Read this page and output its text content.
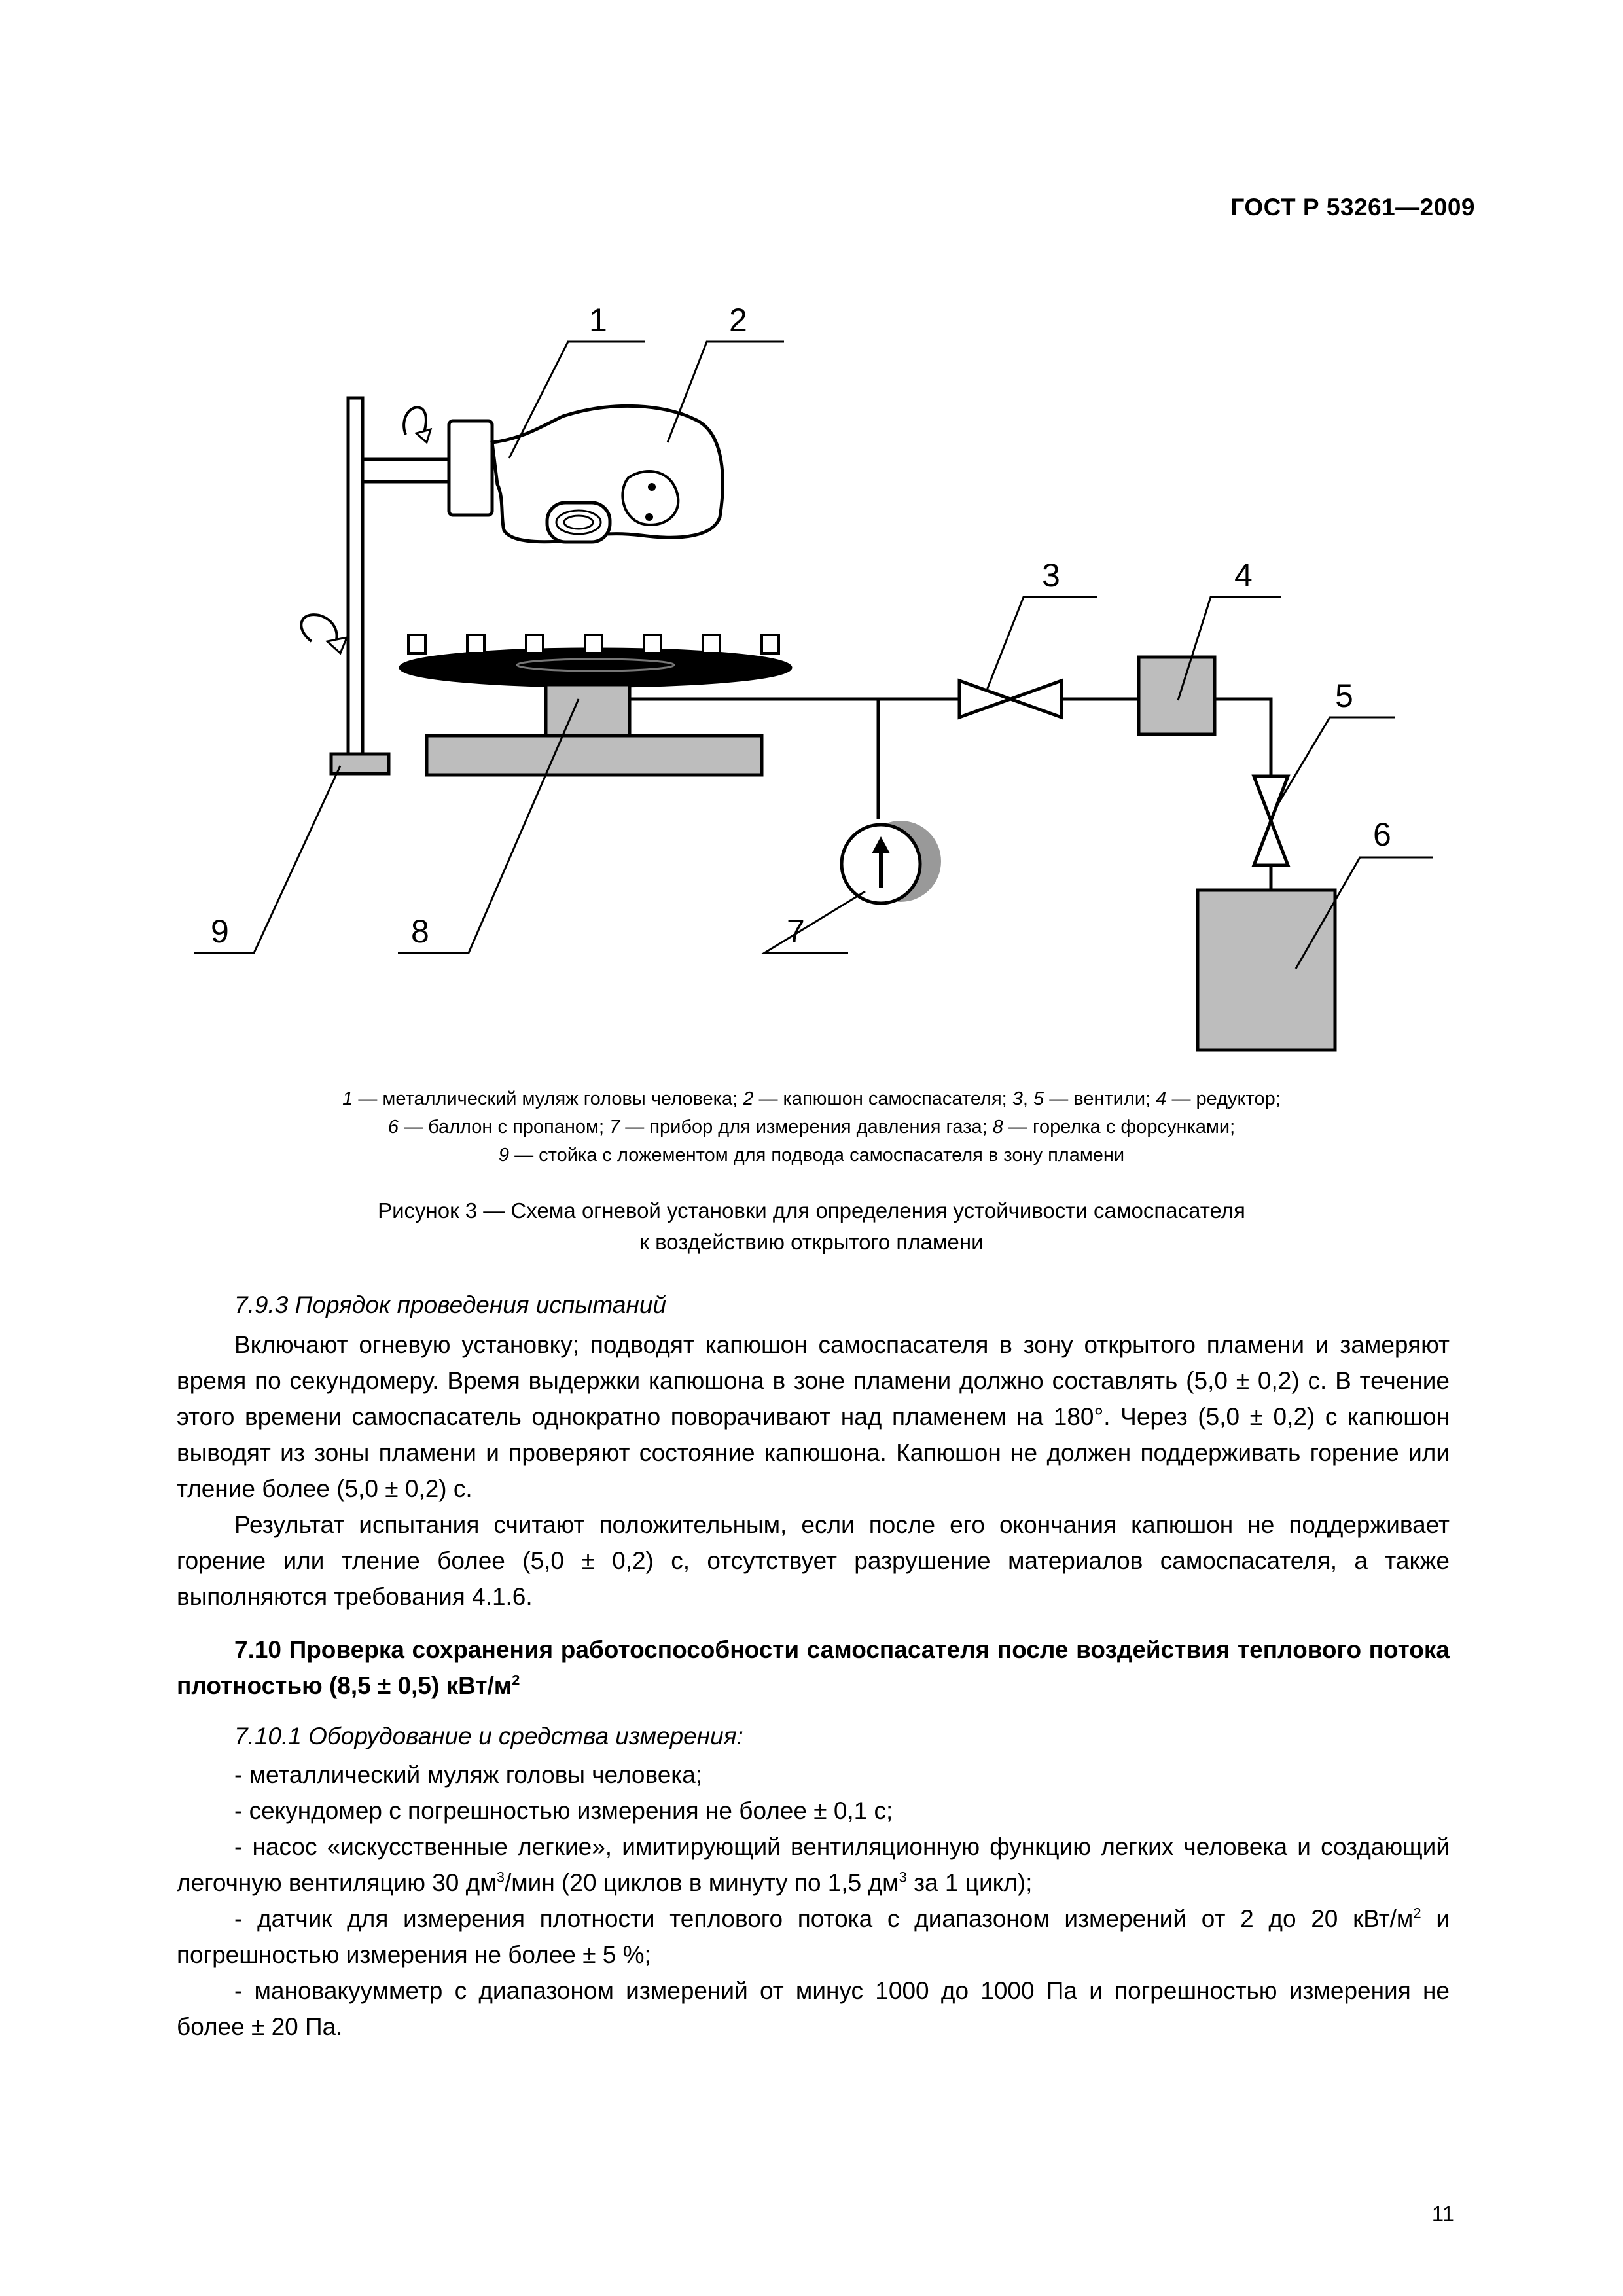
ГОСТ Р 53261—2009
1	2
3	4
5
6
7
8
9
1 — металлический муляж головы человека; 2 — капюшон самоспасателя; 3, 5 — вентили; 4 — редуктор;
6 — баллон с пропаном; 7 — прибор для измерения давления газа; 8 — горелка с форсунками;
9 — стойка с ложементом для подвода самоспасателя в зону пламени
Рисунок 3 — Схема огневой установки для определения устойчивости самоспасателя
к воздействию открытого пламени
7.9.3 Порядок проведения испытаний

Включают огневую установку; подводят капюшон самоспасателя в зону открытого пламени и замеряют время по секундомеру. Время выдержки капюшона в зоне пламени должно составлять (5,0 ± 0,2) с. В течение этого времени самоспасатель однократно поворачивают над пламенем на 180°. Через (5,0 ± 0,2) с капюшон выводят из зоны пламени и проверяют состояние капюшона. Капюшон не должен поддерживать горение или тление более (5,0 ± 0,2) с.

Результат испытания считают положительным, если после его окончания капюшон не поддерживает горение или тление более (5,0 ± 0,2) с, отсутствует разрушение материалов самоспасателя, а также выполняются требования 4.1.6.

7.10 Проверка сохранения работоспособности самоспасателя после воздействия теплового потока плотностью (8,5 ± 0,5) кВт/$м^2$

7.10.1 Оборудование и средства измерения:

- металлический муляж головы человека;

- секундомер с погрешностью измерения не более ± 0,1 с;

- насос «искусственные легкие», имитирующий вентиляционную функцию легких человека и создающий легочную вентиляцию 30 $дм^3$/мин (20 циклов в минуту по 1,5 $дм^3$ за 1 цикл);

- датчик для измерения плотности теплового потока с диапазоном измерений от 2 до 20 кВт/$м^2$ и погрешностью измерения не более ± 5 %;

- мановакуумметр с диапазоном измерений от минус 1000 до 1000 Па и погрешностью измерения не более ± 20 Па.

11
